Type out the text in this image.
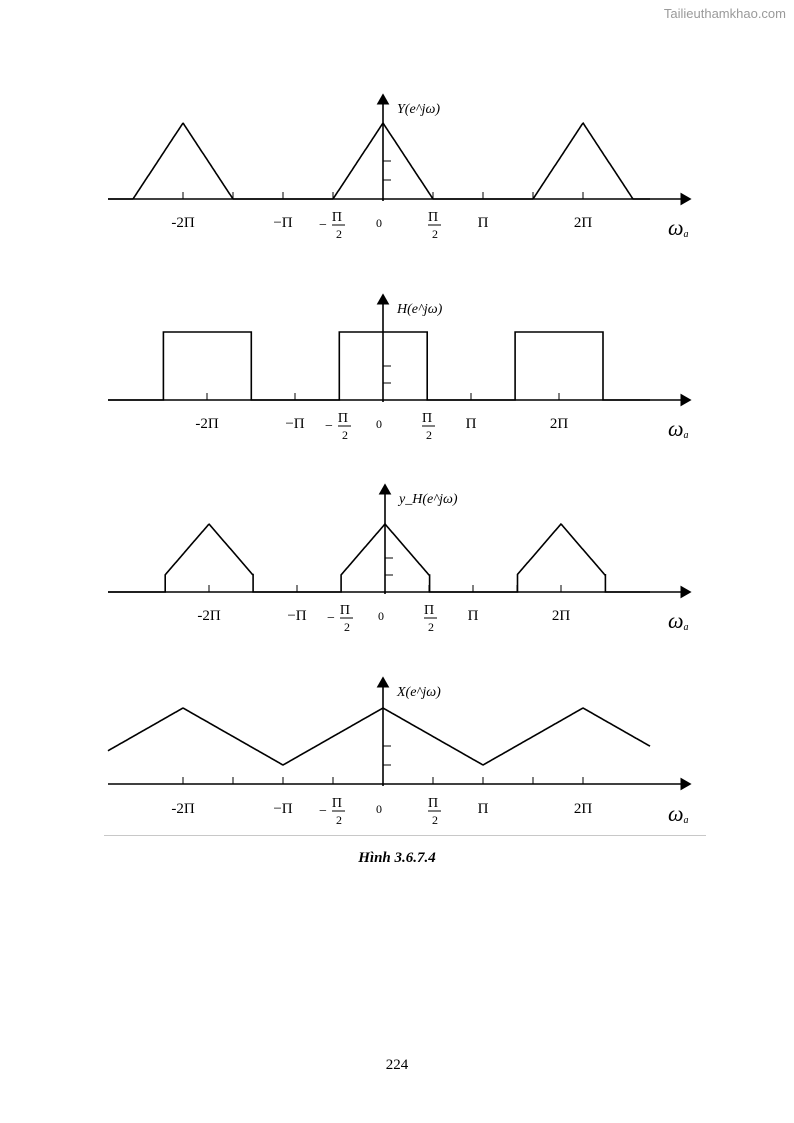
Tailieuthamkhao.com
Y(e^jω)
-2Π	−Π	Π
2
−	0	Π
2
Π	2Π	ωa
H(e^jω)
-2Π	−Π Π
2
−	0	Π
2
Π	2Π	ωa
y_H(e^jω)
-2Π	−Π Π
2
−	0	Π
2
Π	2Π	ωa
X(e^jω)
-2Π	−Π	Π
2
−	0	Π
2
Π	2Π	ωa
Hình 3.6.7.4
224
